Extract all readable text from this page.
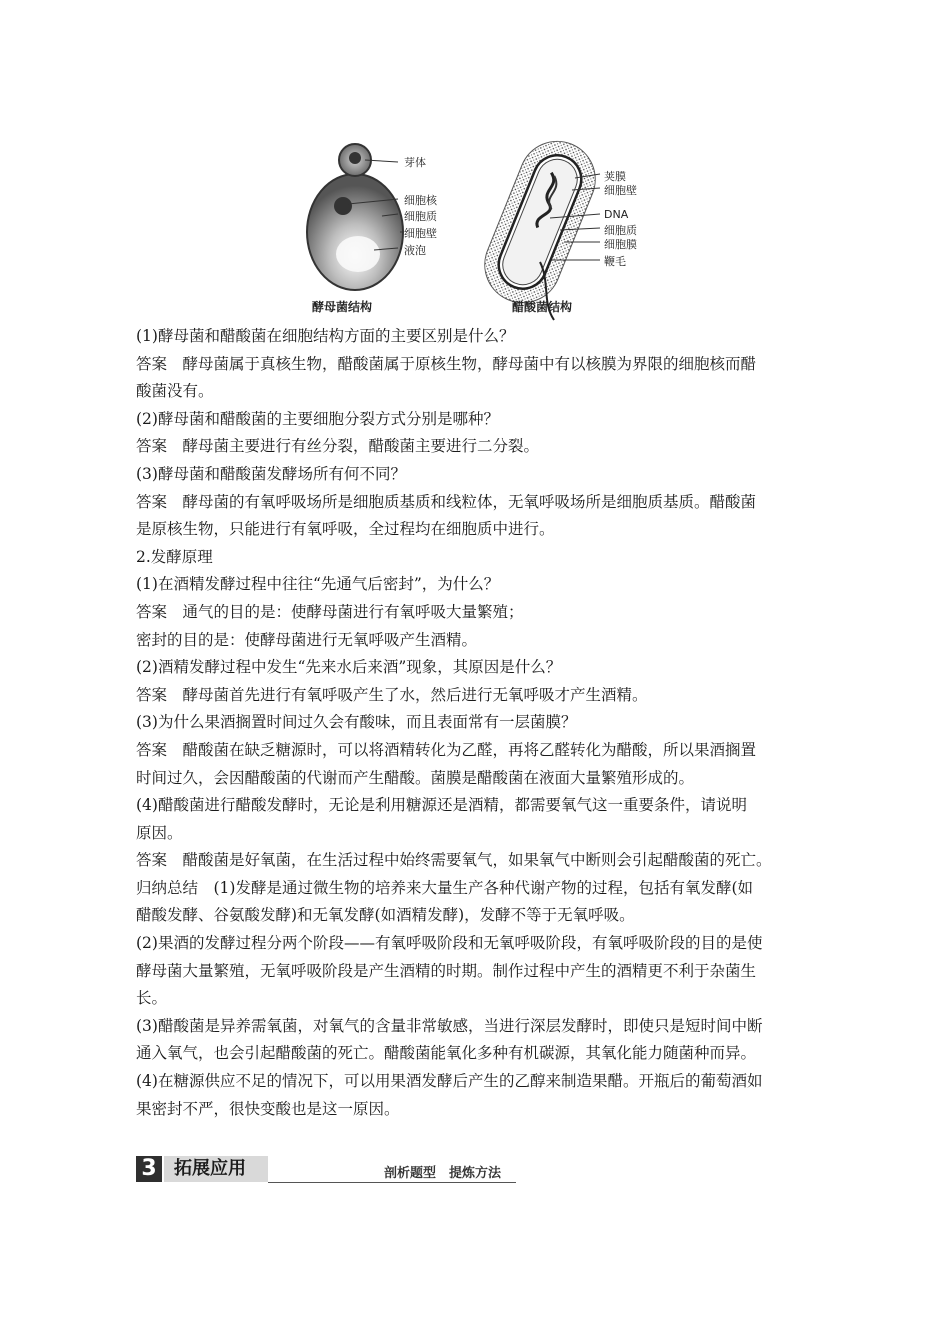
芽体
细胞核
细胞质
细胞壁
液泡
酵母菌结构
荚膜
细胞壁
DNA
细胞质
细胞膜
鞭毛
醋酸菌结构
(1)酵母菌和醋酸菌在细胞结构方面的主要区别是什么？
答案　酵母菌属于真核生物，醋酸菌属于原核生物，酵母菌中有以核膜为界限的细胞核而醋
酸菌没有。
(2)酵母菌和醋酸菌的主要细胞分裂方式分别是哪种？
答案　酵母菌主要进行有丝分裂，醋酸菌主要进行二分裂。
(3)酵母菌和醋酸菌发酵场所有何不同？
答案　酵母菌的有氧呼吸场所是细胞质基质和线粒体，无氧呼吸场所是细胞质基质。醋酸菌
是原核生物，只能进行有氧呼吸，全过程均在细胞质中进行。
2.发酵原理
(1)在酒精发酵过程中往往“先通气后密封”，为什么？
答案　通气的目的是：使酵母菌进行有氧呼吸大量繁殖；
密封的目的是：使酵母菌进行无氧呼吸产生酒精。
(2)酒精发酵过程中发生“先来水后来酒”现象，其原因是什么？
答案　酵母菌首先进行有氧呼吸产生了水，然后进行无氧呼吸才产生酒精。
(3)为什么果酒搁置时间过久会有酸味，而且表面常有一层菌膜？
答案　醋酸菌在缺乏糖源时，可以将酒精转化为乙醛，再将乙醛转化为醋酸，所以果酒搁置
时间过久，会因醋酸菌的代谢而产生醋酸。菌膜是醋酸菌在液面大量繁殖形成的。
(4)醋酸菌进行醋酸发酵时，无论是利用糖源还是酒精，都需要氧气这一重要条件，请说明
原因。
答案　醋酸菌是好氧菌，在生活过程中始终需要氧气，如果氧气中断则会引起醋酸菌的死亡。
归纳总结　(1)发酵是通过微生物的培养来大量生产各种代谢产物的过程，包括有氧发酵(如
醋酸发酵、谷氨酸发酵)和无氧发酵(如酒精发酵)，发酵不等于无氧呼吸。
(2)果酒的发酵过程分两个阶段——有氧呼吸阶段和无氧呼吸阶段，有氧呼吸阶段的目的是使
酵母菌大量繁殖，无氧呼吸阶段是产生酒精的时期。制作过程中产生的酒精更不利于杂菌生
长。
(3)醋酸菌是异养需氧菌，对氧气的含量非常敏感，当进行深层发酵时，即使只是短时间中断
通入氧气，也会引起醋酸菌的死亡。醋酸菌能氧化多种有机碳源，其氧化能力随菌种而异。
(4)在糖源供应不足的情况下，可以用果酒发酵后产生的乙醇来制造果醋。开瓶后的葡萄酒如
果密封不严，很快变酸也是这一原因。
3 拓展应用	剖析题型　提炼方法
